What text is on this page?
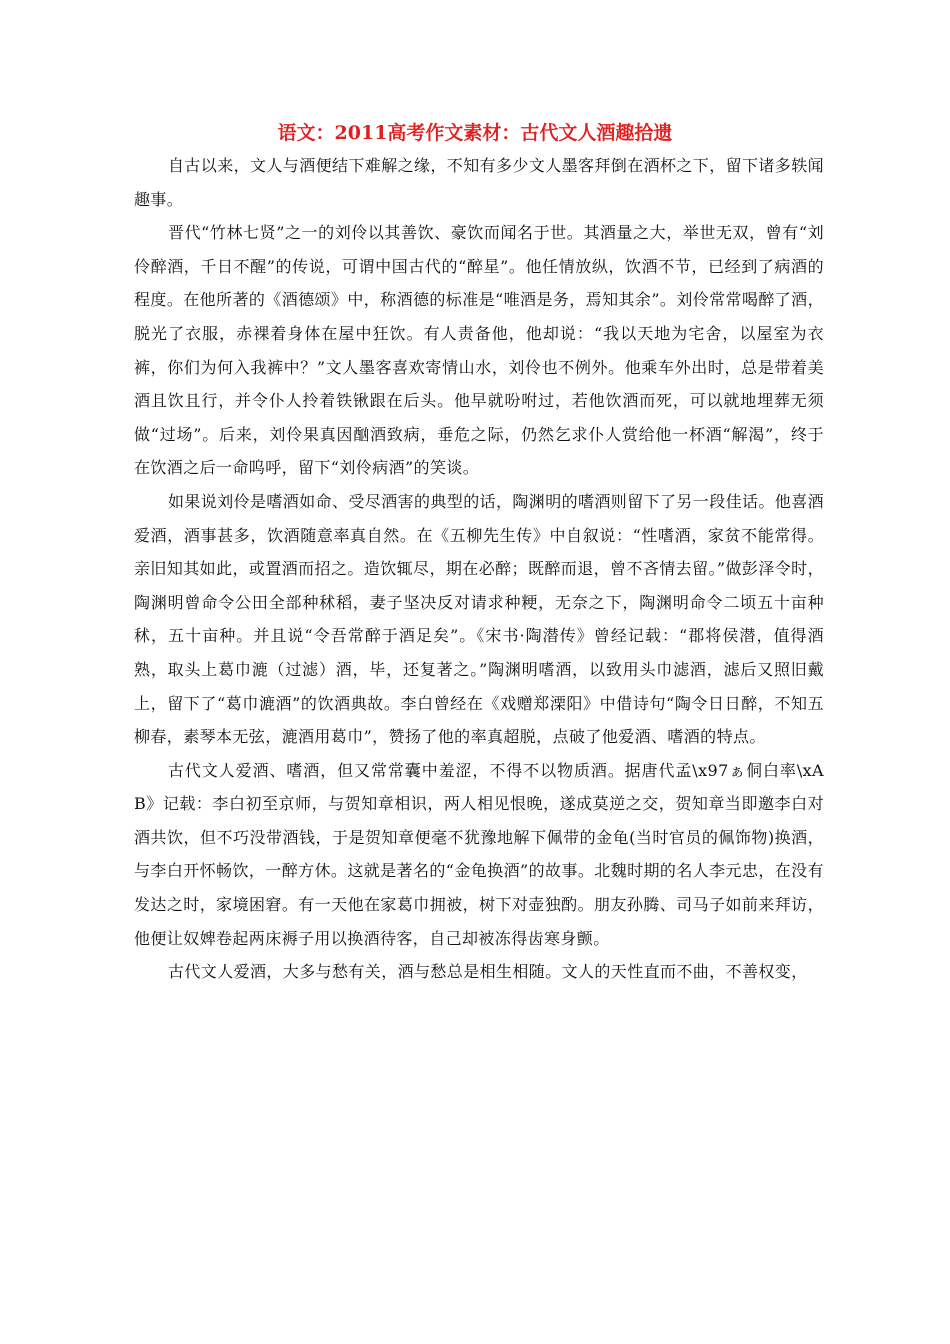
语文：2011高考作文素材：古代文人酒趣拾遗

自古以来，文人与酒便结下难解之缘，不知有多少文人墨客拜倒在酒杯之下，留下诸多轶闻趣事。

晋代“竹林七贤”之一的刘伶以其善饮、豪饮而闻名于世。其酒量之大，举世无双，曾有“刘伶醉酒，千日不醒”的传说，可谓中国古代的“醉星”。他任情放纵，饮酒不节，已经到了病酒的程度。在他所著的《酒德颂》中，称酒德的标准是“唯酒是务，焉知其余”。刘伶常常喝醉了酒，脱光了衣服，赤裸着身体在屋中狂饮。有人责备他，他却说：“我以天地为宅舍，以屋室为衣裤，你们为何入我裤中？”文人墨客喜欢寄情山水，刘伶也不例外。他乘车外出时，总是带着美酒且饮且行，并令仆人拎着铁锹跟在后头。他早就吩咐过，若他饮酒而死，可以就地埋葬无须做“过场”。后来，刘伶果真因酗酒致病，垂危之际，仍然乞求仆人赏给他一杯酒“解渴”，终于在饮酒之后一命呜呼，留下“刘伶病酒”的笑谈。

如果说刘伶是嗜酒如命、受尽酒害的典型的话，陶渊明的嗜酒则留下了另一段佳话。他喜酒爱酒，酒事甚多，饮酒随意率真自然。在《五柳先生传》中自叙说：“性嗜酒，家贫不能常得。亲旧知其如此，或置酒而招之。造饮辄尽，期在必醉；既醉而退，曾不吝情去留。”做彭泽令时，陶渊明曾命令公田全部种秫稻，妻子坚决反对请求种粳，无奈之下，陶渊明命令二顷五十亩种秫，五十亩种。并且说“令吾常醉于酒足矣”。《宋书·陶潜传》曾经记载：“郡将侯潜，值得酒熟，取头上葛巾漉（过滤）酒，毕，还复著之。”陶渊明嗜酒，以致用头巾滤酒，滤后又照旧戴上，留下了“葛巾漉酒”的饮酒典故。李白曾经在《戏赠郑溧阳》中借诗句“陶令日日醉，不知五柳春，素琴本无弦，漉酒用葛巾”，赞扬了他的率真超脱，点破了他爱酒、嗜酒的特点。

古代文人爱酒、嗜酒，但又常常囊中羞涩，不得不以物质酒。据唐代孟\x97ぁ侗白率\xAB》记载：李白初至京师，与贺知章相识，两人相见恨晚，遂成莫逆之交，贺知章当即邀李白对酒共饮，但不巧没带酒钱，于是贺知章便毫不犹豫地解下佩带的金龟(当时官员的佩饰物)换酒，与李白开怀畅饮，一醉方休。这就是著名的“金龟换酒”的故事。北魏时期的名人李元忠，在没有发达之时，家境困窘。有一天他在家葛巾拥被，树下对壶独酌。朋友孙腾、司马子如前来拜访，他便让奴婢卷起两床褥子用以换酒待客，自己却被冻得齿寒身颤。

古代文人爱酒，大多与愁有关，酒与愁总是相生相随。文人的天性直而不曲，不善权变，
